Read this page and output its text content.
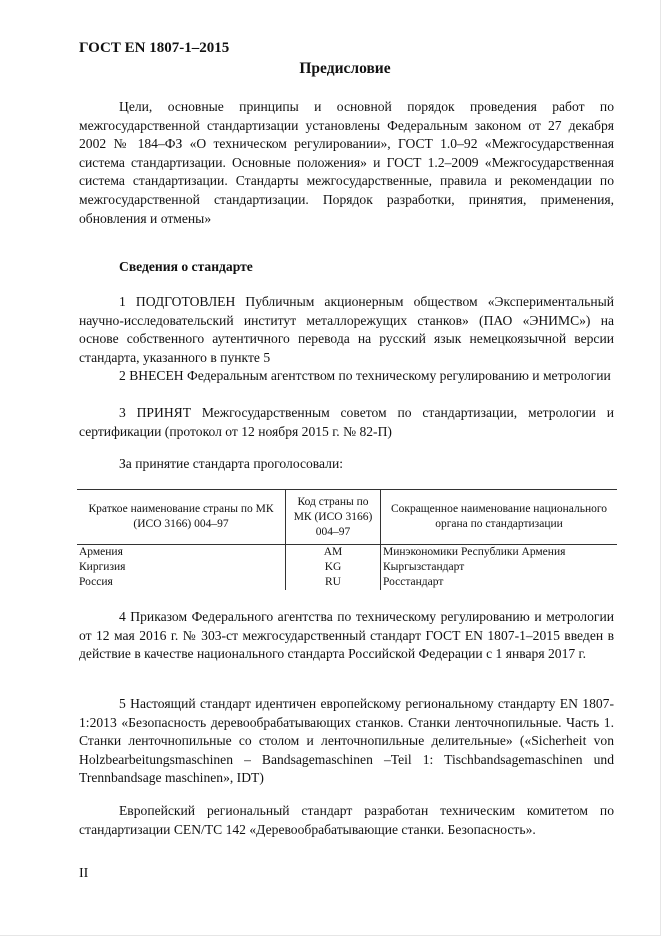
ГОСТ EN 1807-1–2015
Предисловие

Цели, основные принципы и основной порядок проведения работ по межгосударственной стандартизации установлены Федеральным законом от 27 декабря 2002 № 184–ФЗ «О техническом регулировании», ГОСТ 1.0–92 «Межгосударственная система стандартизации. Основные положения» и ГОСТ 1.2–2009 «Межгосударственная система стандартизации. Стандарты межгосударственные, правила и рекомендации по межгосударственной стандартизации. Порядок разработки, принятия, применения, обновления и отмены»

Сведения о стандарте

1 ПОДГОТОВЛЕН Публичным акционерным обществом «Экспериментальный научно-исследовательский институт металлорежущих станков» (ПАО «ЭНИМС») на основе собственного аутентичного перевода на русский язык немецкоязычной версии стандарта, указанного в пункте 5

2 ВНЕСЕН Федеральным агентством по техническому регулированию и метрологии

3 ПРИНЯТ Межгосударственным советом по стандартизации, метрологии и сертификации (протокол от 12 ноября 2015 г. № 82-П)

За принятие стандарта проголосовали:
Краткое наименование страны по МК (ИСО 3166) 004–97	Код страны по МК (ИСО 3166) 004–97	Сокращенное наименование национального органа по стандартизации
Армения	AM	Минэкономики Республики Армения
Киргизия	KG	Кыргызстандарт
Россия	RU	Росстандарт

4 Приказом Федерального агентства по техническому регулированию и метрологии от 12 мая 2016 г. № 303-ст межгосударственный стандарт ГОСТ EN 1807-1–2015 введен в действие в качестве национального стандарта Российской Федерации с 1 января 2017 г.

5 Настоящий стандарт идентичен европейскому региональному стандарту EN 1807-1:2013 «Безопасность деревообрабатывающих станков. Станки ленточнопильные. Часть 1. Станки ленточнопильные со столом и ленточнопильные делительные» («Sicherheit von Holzbearbeitungsmaschinen – Bandsagemaschinen –Teil 1: Tischbandsagemaschinen und Trennbandsage maschinen», IDT)

Европейский региональный стандарт разработан техническим комитетом по стандартизации CEN/TC 142 «Деревообрабатывающие станки. Безопасность».

II
